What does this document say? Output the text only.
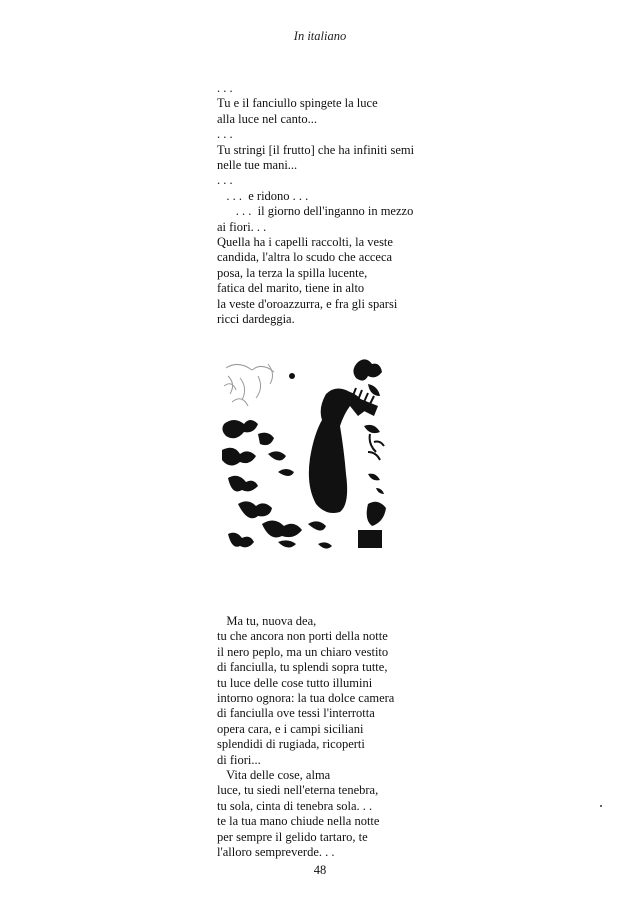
In italiano
. . .
Tu e il fanciullo spingete la luce
alla luce nel canto...
. . .
Tu stringi [il frutto] che ha infiniti semi
nelle tue mani...
. . .
. . .  e ridono . . .
. . .  il giorno dell'inganno in mezzo
ai fiori. . .
Quella ha i capelli raccolti, la veste
candida, l'altra lo scudo che acceca
posa, la terza la spilla lucente,
fatica del marito, tiene in alto
la veste d'oroazzurra, e fra gli sparsi
ricci dardeggia.
Ma tu, nuova dea,
tu che ancora non porti della notte
il nero peplo, ma un chiaro vestito
di fanciulla, tu splendi sopra tutte,
tu luce delle cose tutto illumini
intorno ognora: la tua dolce camera
di fanciulla ove tessi l'interrotta
opera cara, e i campi siciliani
splendidi di rugiada, ricoperti
di fiori...
Vita delle cose, alma
luce, tu siedi nell'eterna tenebra,
tu sola, cinta di tenebra sola. . .
te la tua mano chiude nella notte
per sempre il gelido tartaro, te
l'alloro sempreverde. . .
48
